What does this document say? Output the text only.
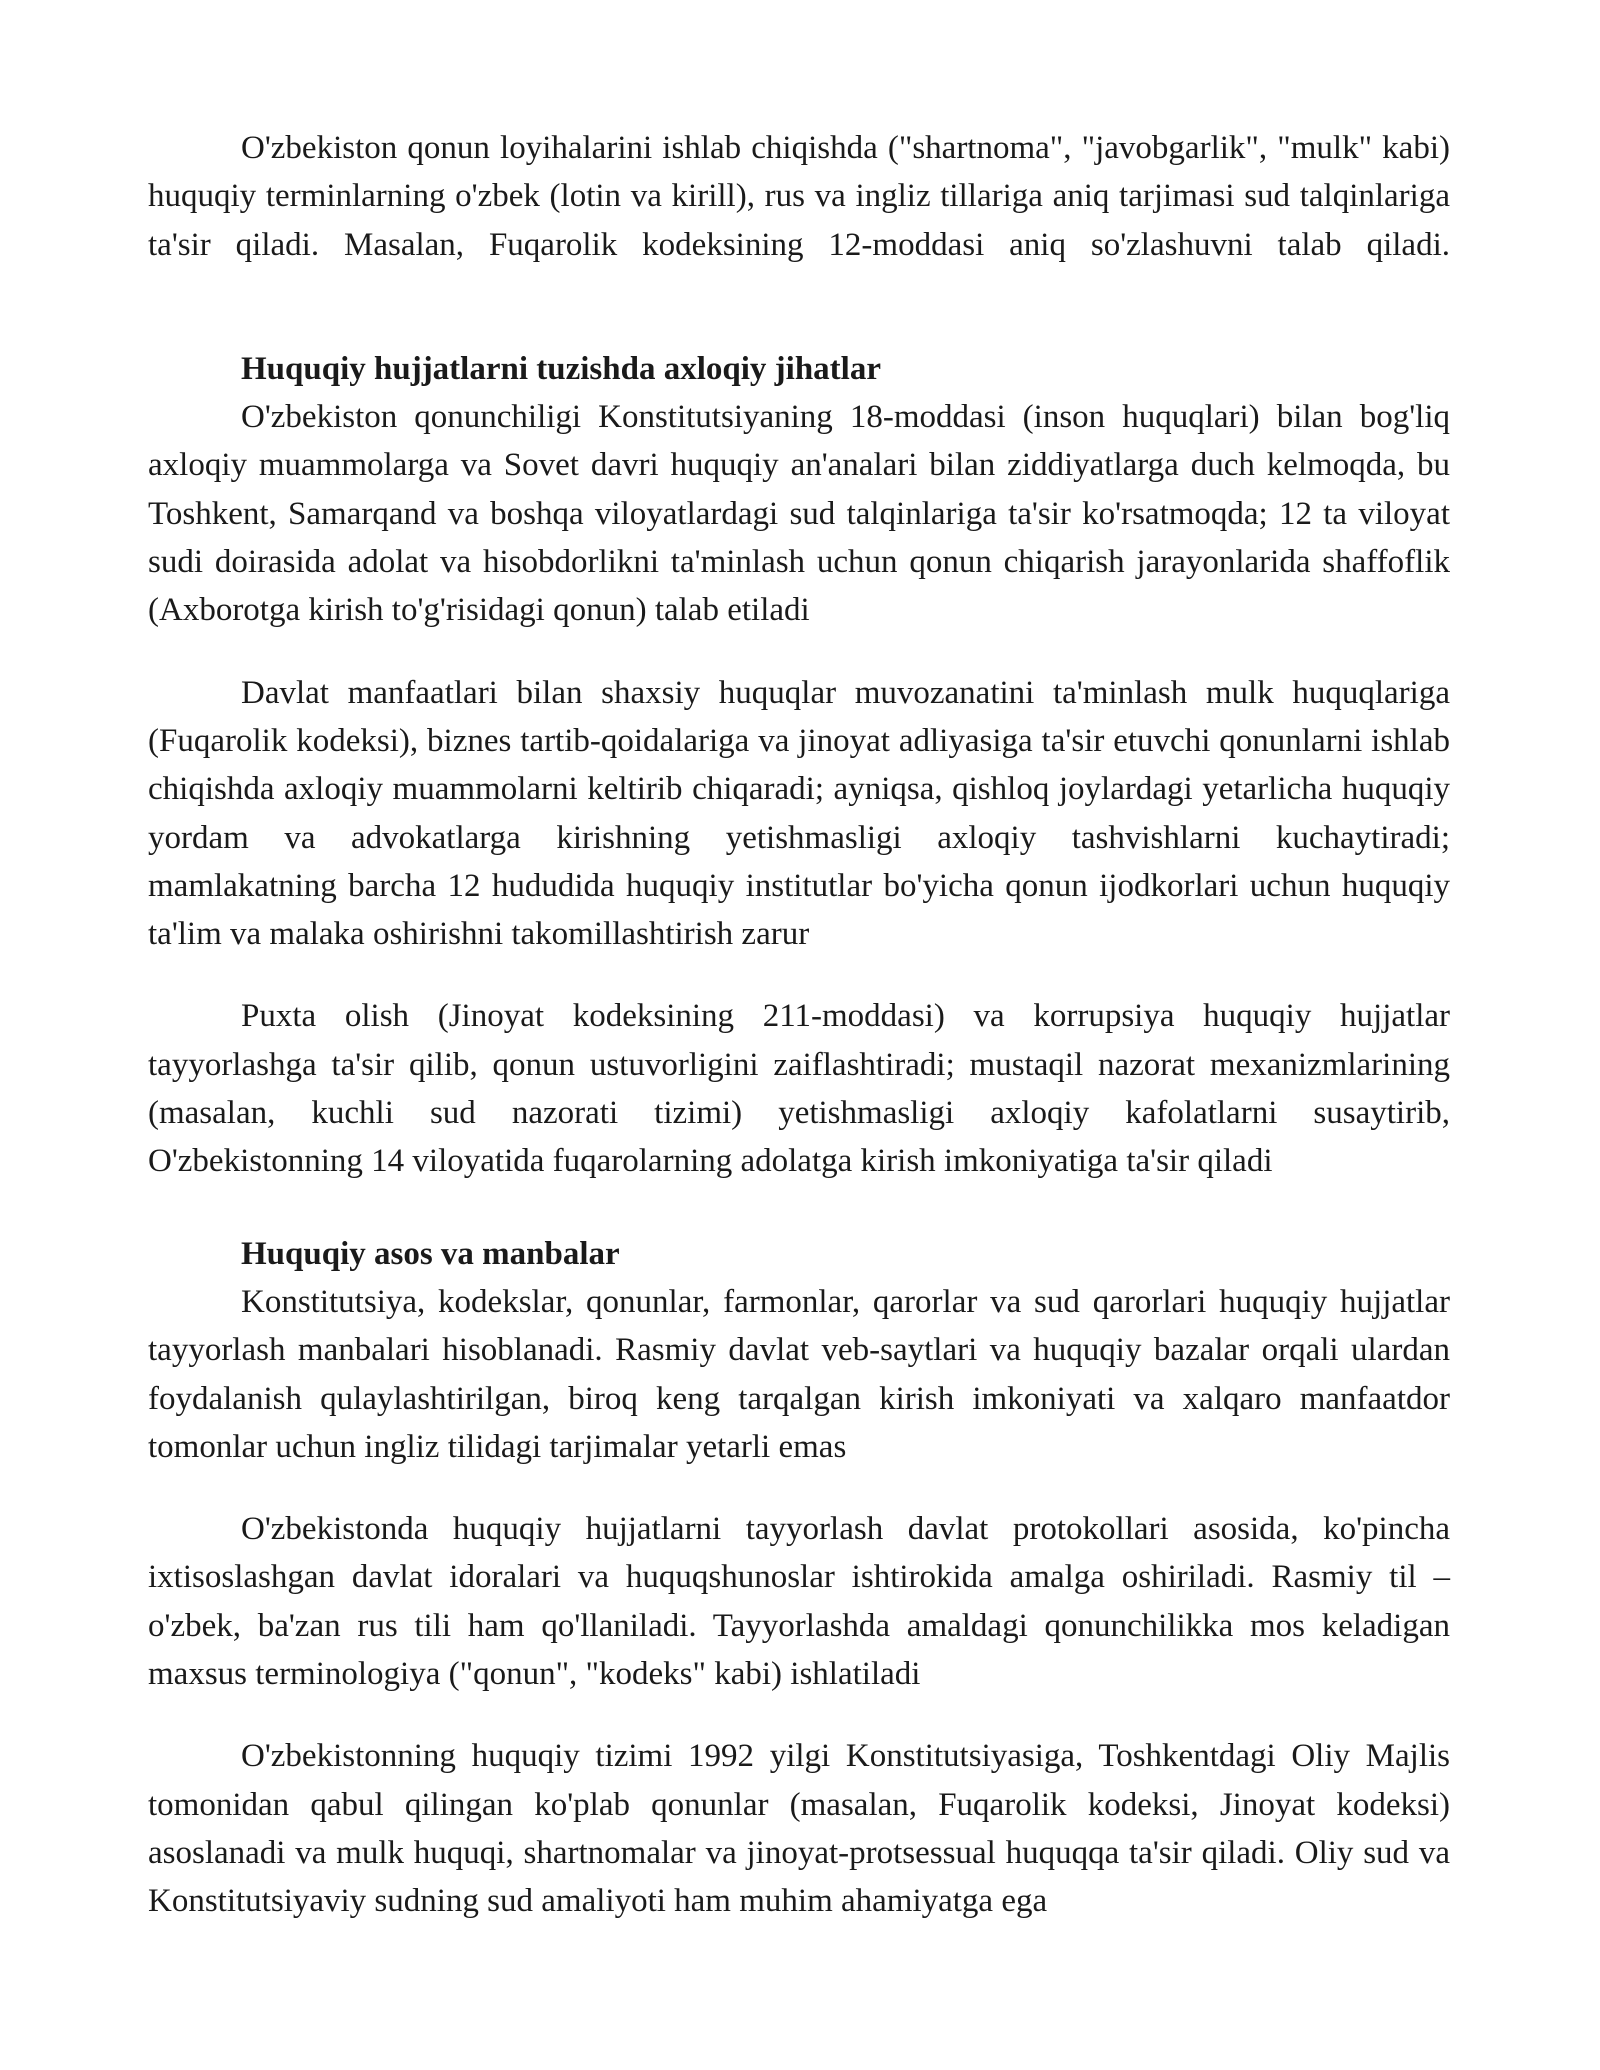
O'zbekiston qonun loyihalarini ishlab chiqishda ("shartnoma", "javobgarlik", "mulk" kabi) huquqiy terminlarning o'zbek (lotin va kirill), rus va ingliz tillariga aniq tarjimasi sud talqinlariga ta'sir qiladi. Masalan, Fuqarolik kodeksining 12-moddasi aniq so'zlashuvni talab qiladi.

Huquqiy hujjatlarni tuzishda axloqiy jihatlar

O'zbekiston qonunchiligi Konstitutsiyaning 18-moddasi (inson huquqlari) bilan bog'liq axloqiy muammolarga va Sovet davri huquqiy an'analari bilan ziddiyatlarga duch kelmoqda, bu Toshkent, Samarqand va boshqa viloyatlardagi sud talqinlariga ta'sir ko'rsatmoqda; 12 ta viloyat sudi doirasida adolat va hisobdorlikni ta'minlash uchun qonun chiqarish jarayonlarida shaffoflik (Axborotga kirish to'g'risidagi qonun) talab etiladi

Davlat manfaatlari bilan shaxsiy huquqlar muvozanatini ta'minlash mulk huquqlariga (Fuqarolik kodeksi), biznes tartib-qoidalariga va jinoyat adliyasiga ta'sir etuvchi qonunlarni ishlab chiqishda axloqiy muammolarni keltirib chiqaradi; ayniqsa, qishloq joylardagi yetarlicha huquqiy yordam va advokatlarga kirishning yetishmasligi axloqiy tashvishlarni kuchaytiradi; mamlakatning barcha 12 hududida huquqiy institutlar bo'yicha qonun ijodkorlari uchun huquqiy ta'lim va malaka oshirishni takomillashtirish zarur

Puxta olish (Jinoyat kodeksining 211-moddasi) va korrupsiya huquqiy hujjatlar tayyorlashga ta'sir qilib, qonun ustuvorligini zaiflashtiradi; mustaqil nazorat mexanizmlarining (masalan, kuchli sud nazorati tizimi) yetishmasligi axloqiy kafolatlarni susaytirib, O'zbekistonning 14 viloyatida fuqarolarning adolatga kirish imkoniyatiga ta'sir qiladi

Huquqiy asos va manbalar

Konstitutsiya, kodekslar, qonunlar, farmonlar, qarorlar va sud qarorlari huquqiy hujjatlar tayyorlash manbalari hisoblanadi. Rasmiy davlat veb-saytlari va huquqiy bazalar orqali ulardan foydalanish qulaylashtirilgan, biroq keng tarqalgan kirish imkoniyati va xalqaro manfaatdor tomonlar uchun ingliz tilidagi tarjimalar yetarli emas

O'zbekistonda huquqiy hujjatlarni tayyorlash davlat protokollari asosida, ko'pincha ixtisoslashgan davlat idoralari va huquqshunoslar ishtirokida amalga oshiriladi. Rasmiy til – o'zbek, ba'zan rus tili ham qo'llaniladi. Tayyorlashda amaldagi qonunchilikka mos keladigan maxsus terminologiya ("qonun", "kodeks" kabi) ishlatiladi

O'zbekistonning huquqiy tizimi 1992 yilgi Konstitutsiyasiga, Toshkentdagi Oliy Majlis tomonidan qabul qilingan ko'plab qonunlar (masalan, Fuqarolik kodeksi, Jinoyat kodeksi) asoslanadi va mulk huquqi, shartnomalar va jinoyat-protsessual huquqqa ta'sir qiladi. Oliy sud va Konstitutsiyaviy sudning sud amaliyoti ham muhim ahamiyatga ega
